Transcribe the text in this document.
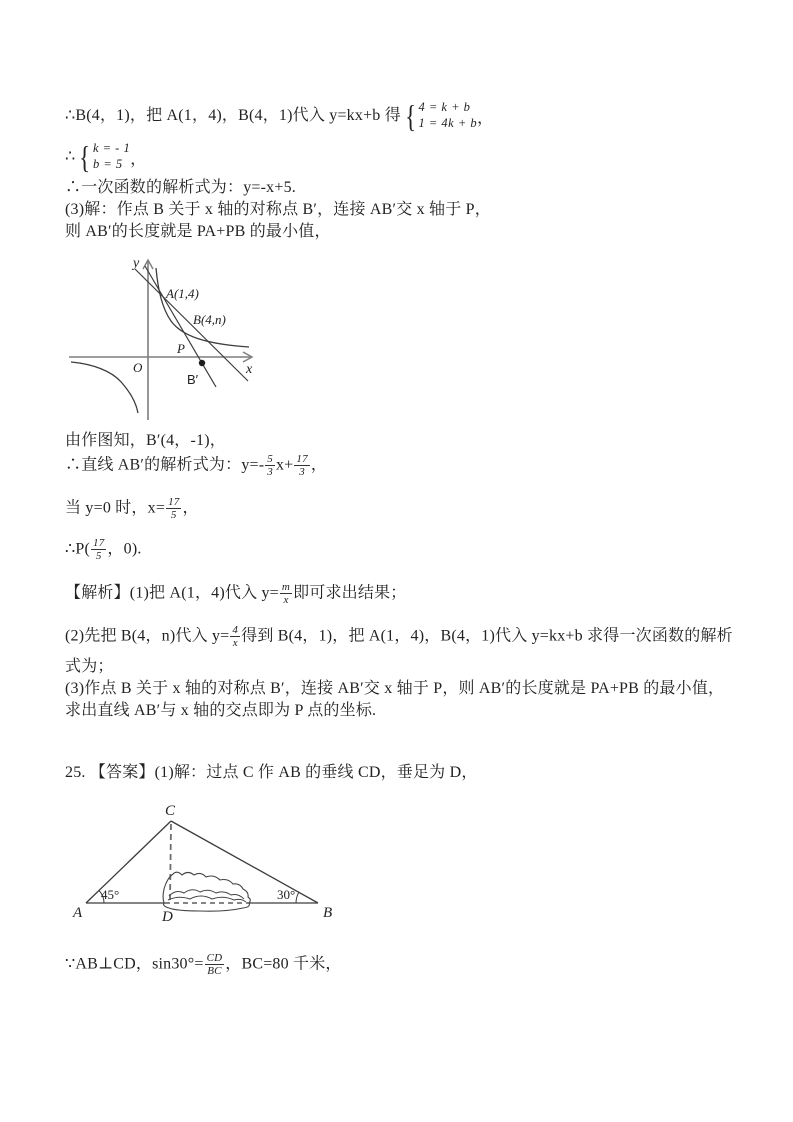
∴B(4，1)，把 A(1，4)，B(4，1)代入 y=kx+b 得 { 4 = k + b
1 = 4k + b ，
∴ { k = - 1
b = 5 ，
∴一次函数的解析式为：y=-x+5.
(3)解：作点 B 关于 x 轴的对称点 B′，连接 AB′交 x 轴于 P，
则 AB′的长度就是 PA+PB 的最小值，
y
x
O
A(1,4)
B(4,n)
P
B′
由作图知，B′(4，-1)，
∴直线 AB′的解析式为：$y=- \frac{5}{3} x+ \frac{17}{3}$ ，
当 y=0 时，$x= \frac{17}{5}$ ，
∴P( $\frac{17}{5}$ ，0).
【解析】(1)把 A(1，4)代入 $y= \frac{m}{x}$ 即可求出结果；
(2)先把 B(4，n)代入 $y= \frac{4}{x}$ 得到 B(4，1)，把 A(1，4)，B(4，1)代入 y=kx+b 求得一次函数的解析
式为；
(3)作点 B 关于 x 轴的对称点 B′，连接 AB′交 x 轴于 P，则 AB′的长度就是 PA+PB 的最小值，
求出直线 AB′与 x 轴的交点即为 P 点的坐标.
25. 【答案】(1)解：过点 C 作 AB 的垂线 CD，垂足为 D，
A	B
C
D
45°	30°
∵AB⊥CD，$\sin 30^\circ= \frac{CD}{BC}$ ，BC=80 千米，
